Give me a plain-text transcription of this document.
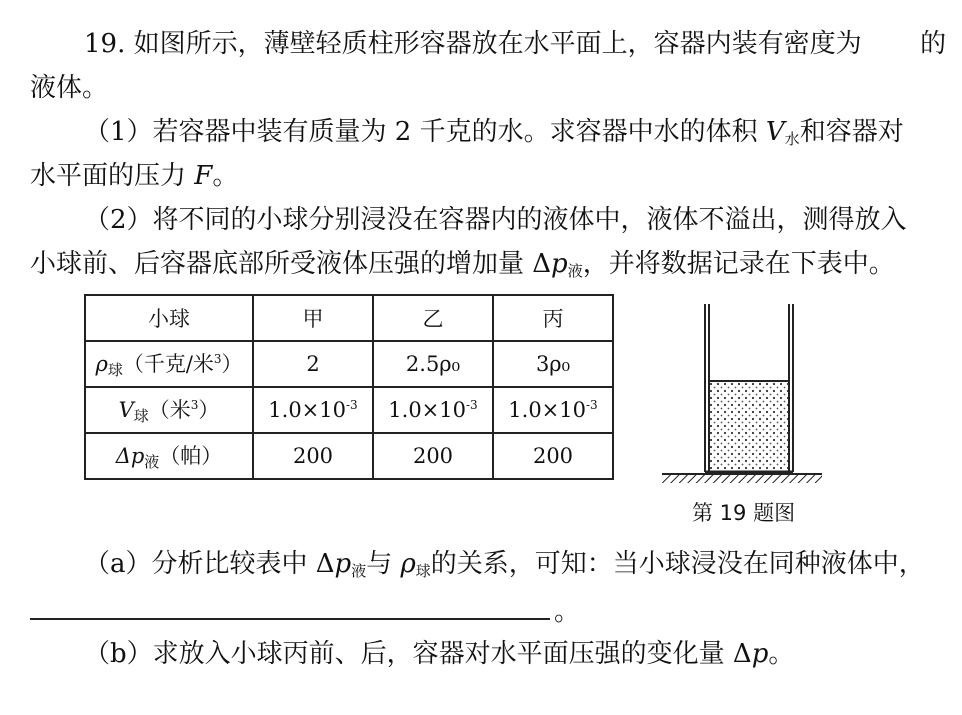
19. 如图所示，薄壁轻质柱形容器放在水平面上，容器内装有密度为 的
液体。
（1）若容器中装有质量为 2 千克的水。求容器中水的体积 $V_水$和容器对
水平面的压力 F。
（2）将不同的小球分别浸没在容器内的液体中，液体不溢出，测得放入
小球前、后容器底部所受液体压强的增加量 $\Delta p_液$，并将数据记录在下表中。
小球	甲	乙	丙
$\rho_球$（千克/米$^3$）	2	2.5ρ₀	3ρ₀
$V_球$（米$^3$）	$1.0\times 10^{-3}$	$1.0\times 10^{-3}$	$1.0\times 10^{-3}$
$\Delta p_液$（帕）	200	200	200
第 19 题图
（a）分析比较表中 $\Delta p_液$与 $\rho_球$的关系，可知：当小球浸没在同种液体中，
。
（b）求放入小球丙前、后，容器对水平面压强的变化量 Δp。
